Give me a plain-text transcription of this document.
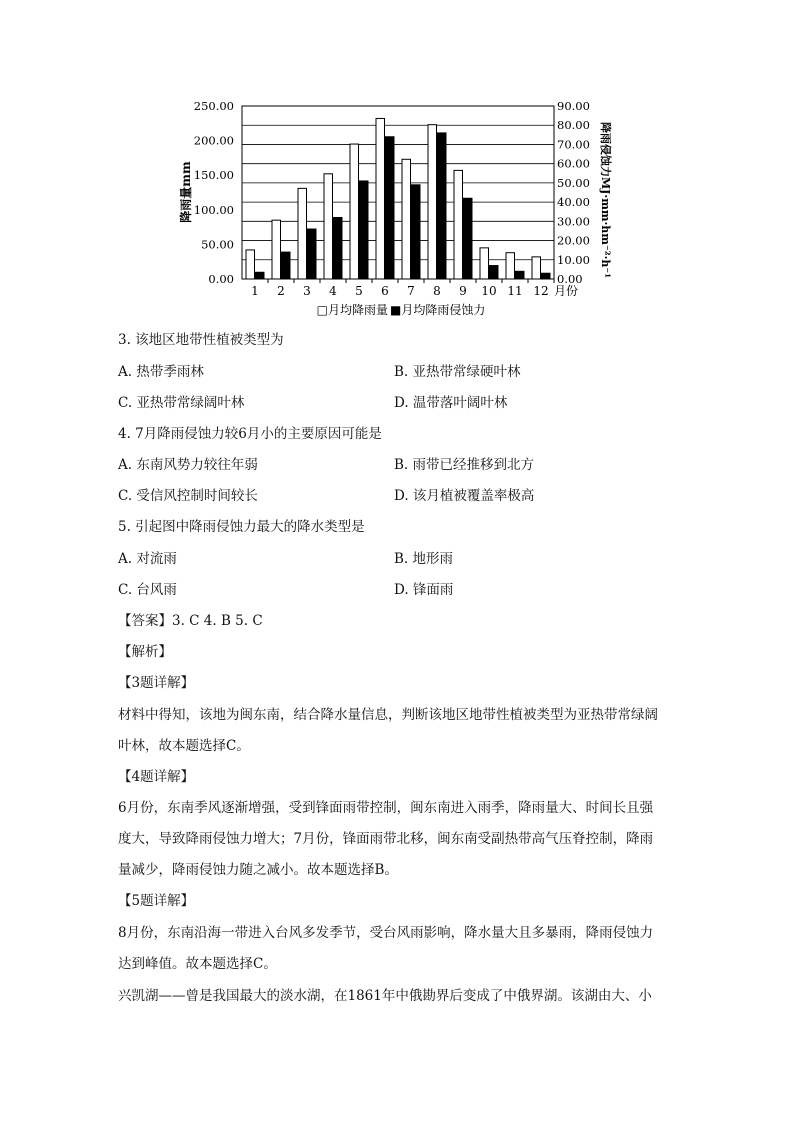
0.00
50.00
100.00
150.00
200.00
250.00
0.00
10.00
20.00
30.00
40.00
50.00
60.00
70.00
80.00
90.00
1 2 3 4 5 6 7 8 9 10 11 12 月份
降雨量mm	降雨侵蚀力MJ·mm·hm⁻²·h⁻¹
□月均降雨量 ■月均降雨侵蚀力
3. 该地区地带性植被类型为
A. 热带季雨林	B. 亚热带常绿硬叶林
C. 亚热带常绿阔叶林	D. 温带落叶阔叶林
4. 7月降雨侵蚀力较6月小的主要原因可能是
A. 东南风势力较往年弱	B. 雨带已经推移到北方
C. 受信风控制时间较长	D. 该月植被覆盖率极高
5. 引起图中降雨侵蚀力最大的降水类型是
A. 对流雨	B. 地形雨
C. 台风雨	D. 锋面雨
【答案】3. C 4. B 5. C
【解析】
【3题详解】
材料中得知，该地为闽东南，结合降水量信息，判断该地区地带性植被类型为亚热带常绿阔
叶林，故本题选择C。
【4题详解】
6月份，东南季风逐渐增强，受到锋面雨带控制，闽东南进入雨季，降雨量大、时间长且强
度大，导致降雨侵蚀力增大；7月份，锋面雨带北移，闽东南受副热带高气压脊控制，降雨
量减少，降雨侵蚀力随之减小。故本题选择B。
【5题详解】
8月份，东南沿海一带进入台风多发季节，受台风雨影响，降水量大且多暴雨，降雨侵蚀力
达到峰值。故本题选择C。
兴凯湖——曾是我国最大的淡水湖，在1861年中俄勘界后变成了中俄界湖。该湖由大、小
